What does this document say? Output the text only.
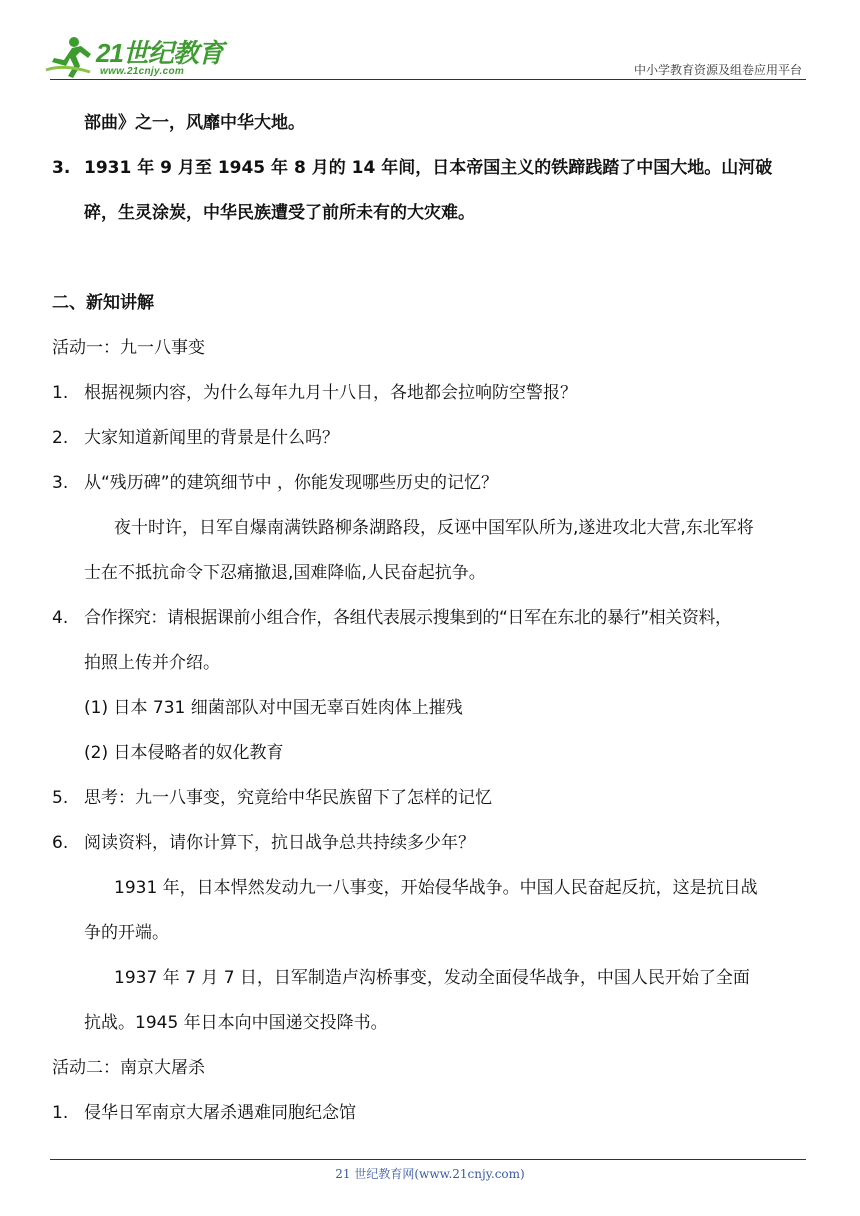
21世纪教育
www.21cnjy.com	中小学教育资源及组卷应用平台
部曲》之一，风靡中华大地。
3. 1931 年 9 月至 1945 年 8 月的 14 年间，日本帝国主义的铁蹄践踏了中国大地。山河破
碎，生灵涂炭，中华民族遭受了前所未有的大灾难。
二、新知讲解
活动一：九一八事变
1. 根据视频内容，为什么每年九月十八日，各地都会拉响防空警报？
2. 大家知道新闻里的背景是什么吗？
3. 从“残历碑”的建筑细节中 ，你能发现哪些历史的记忆？
夜十时许，日军自爆南满铁路柳条湖路段，反诬中国军队所为,遂进攻北大营,东北军将
士在不抵抗命令下忍痛撤退,国难降临,人民奋起抗争。
4. 合作探究：请根据课前小组合作，各组代表展示搜集到的“日军在东北的暴行”相关资料，
拍照上传并介绍。
(1) 日本 731 细菌部队对中国无辜百姓肉体上摧残
(2) 日本侵略者的奴化教育
5. 思考：九一八事变，究竟给中华民族留下了怎样的记忆
6. 阅读资料，请你计算下，抗日战争总共持续多少年？
1931 年，日本悍然发动九一八事变，开始侵华战争。中国人民奋起反抗，这是抗日战
争的开端。
1937 年 7 月 7 日，日军制造卢沟桥事变，发动全面侵华战争，中国人民开始了全面
抗战。1945 年日本向中国递交投降书。
活动二：南京大屠杀
1. 侵华日军南京大屠杀遇难同胞纪念馆
21 世纪教育网(www.21cnjy.com)
